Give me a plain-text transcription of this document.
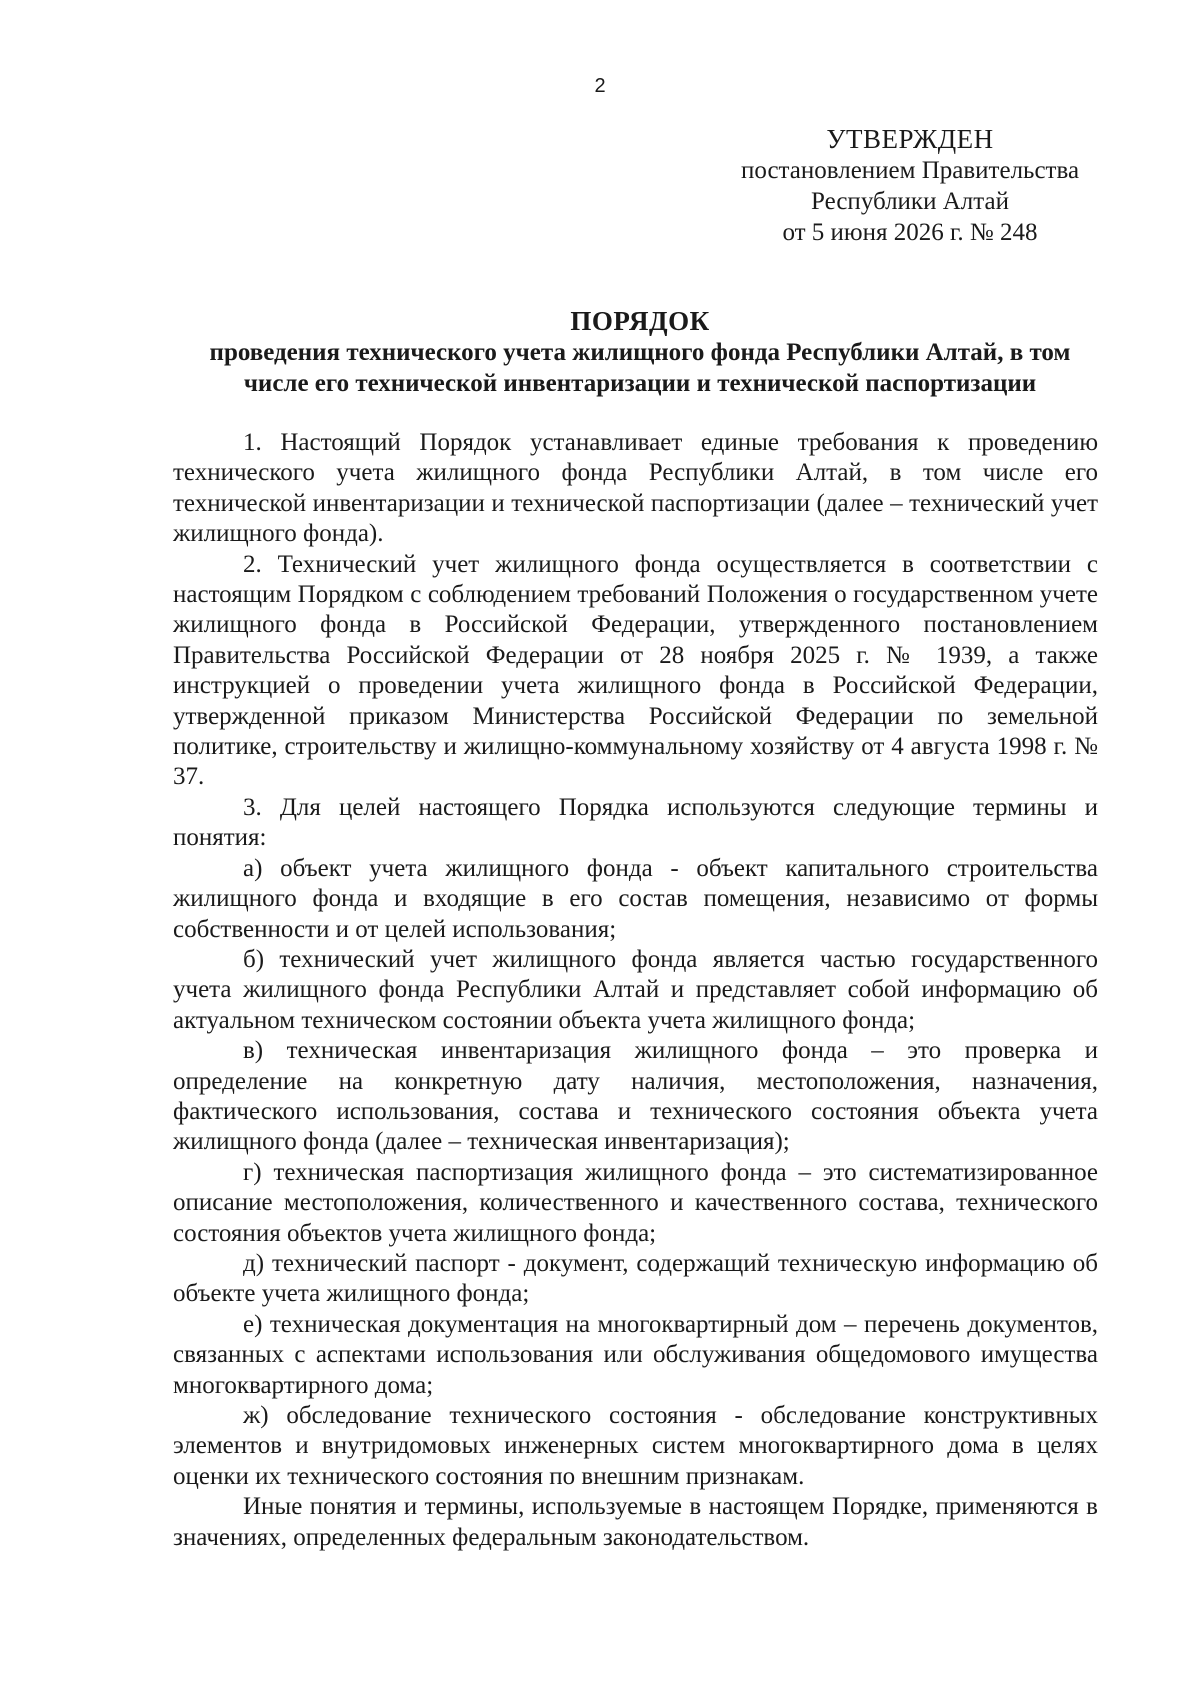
2
УТВЕРЖДЕН
постановлением Правительства
Республики Алтай
от 5 июня 2026 г. № 248
ПОРЯДОК
проведения технического учета жилищного фонда Республики Алтай, в том
числе его технической инвентаризации и технической паспортизации

1. Настоящий Порядок устанавливает единые требования к проведению технического учета жилищного фонда Республики Алтай, в том числе его технической инвентаризации и технической паспортизации (далее – технический учет жилищного фонда).

2. Технический учет жилищного фонда осуществляется в соответствии с настоящим Порядком с соблюдением требований Положения о государственном учете жилищного фонда в Российской Федерации, утвержденного постановлением Правительства Российской Федерации от 28 ноября 2025 г. № 1939, а также инструкцией о проведении учета жилищного фонда в Российской Федерации, утвержденной приказом Министерства Российской Федерации по земельной политике, строительству и жилищно-коммунальному хозяйству от 4 августа 1998 г. № 37.

3. Для целей настоящего Порядка используются следующие термины и понятия:

а) объект учета жилищного фонда - объект капитального строительства жилищного фонда и входящие в его состав помещения, независимо от формы собственности и от целей использования;

б) технический учет жилищного фонда является частью государственного учета жилищного фонда Республики Алтай и представляет собой информацию об актуальном техническом состоянии объекта учета жилищного фонда;

в) техническая инвентаризация жилищного фонда – это проверка и определение на конкретную дату наличия, местоположения, назначения, фактического использования, состава и технического состояния объекта учета жилищного фонда (далее – техническая инвентаризация);

г) техническая паспортизация жилищного фонда – это систематизированное описание местоположения, количественного и качественного состава, технического состояния объектов учета жилищного фонда;

д) технический паспорт - документ, содержащий техническую информацию об объекте учета жилищного фонда;

е) техническая документация на многоквартирный дом – перечень документов, связанных с аспектами использования или обслуживания общедомового имущества многоквартирного дома;

ж) обследование технического состояния - обследование конструктивных элементов и внутридомовых инженерных систем многоквартирного дома в целях оценки их технического состояния по внешним признакам.

Иные понятия и термины, используемые в настоящем Порядке, применяются в значениях, определенных федеральным законодательством.
